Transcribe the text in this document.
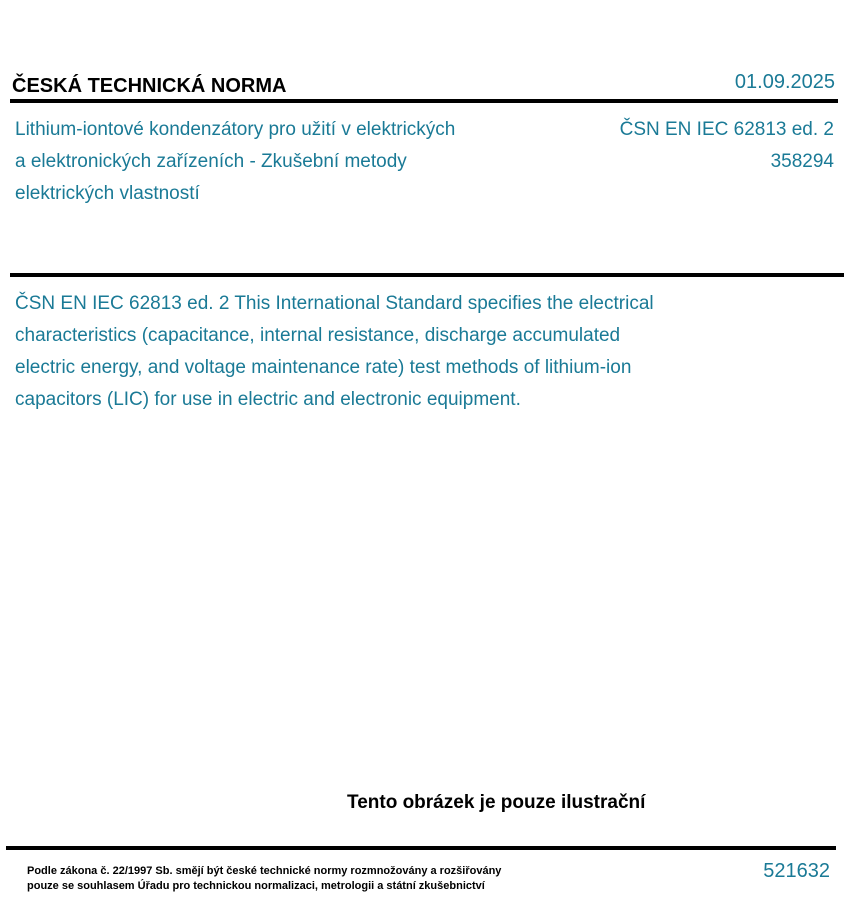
ČESKÁ TECHNICKÁ NORMA	01.09.2025
Lithium-iontové kondenzátory pro užití v elektrických
a elektronických zařízeních - Zkušební metody
elektrických vlastností
ČSN EN IEC 62813 ed. 2
358294
ČSN EN IEC 62813 ed. 2 This International Standard specifies the electrical
characteristics (capacitance, internal resistance, discharge accumulated
electric energy, and voltage maintenance rate) test methods of lithium-ion
capacitors (LIC) for use in electric and electronic equipment.
Tento obrázek je pouze ilustrační
Podle zákona č. 22/1997 Sb. smějí být české technické normy rozmnožovány a rozšiřovány
pouze se souhlasem Úřadu pro technickou normalizaci, metrologii a státní zkušebnictví
521632
